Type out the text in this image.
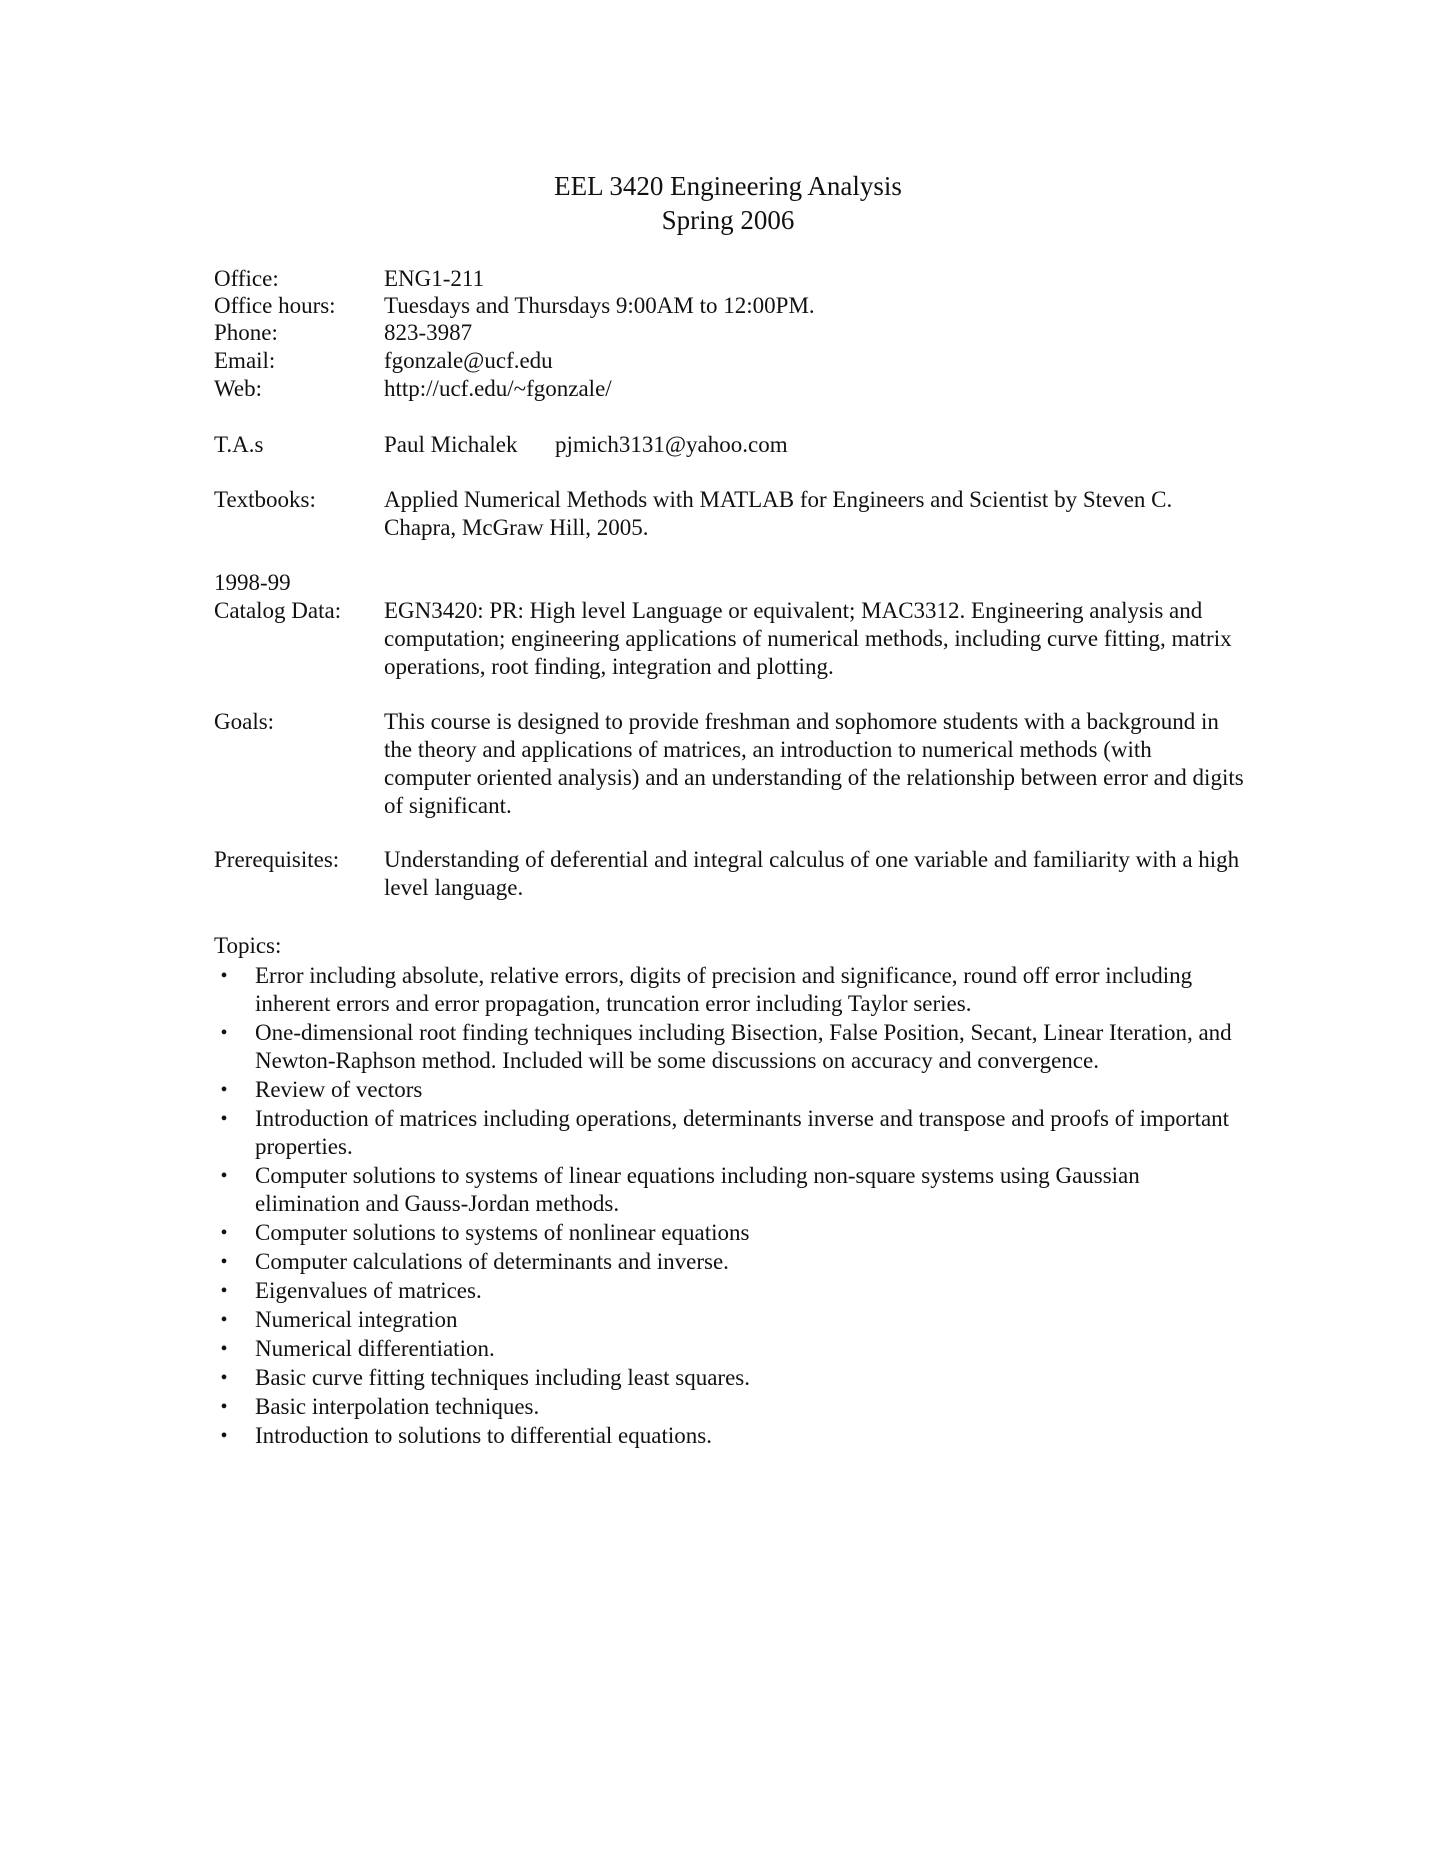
EEL 3420 Engineering Analysis
Spring 2006
Office:	ENG1-211
Office hours:	Tuesdays and Thursdays 9:00AM to 12:00PM.
Phone:	823-3987
Email:	fgonzale@ucf.edu
Web:	http://ucf.edu/~fgonzale/
T.A.s	Paul Michalek	pjmich3131@yahoo.com
Textbooks:	Applied Numerical Methods with MATLAB for Engineers and Scientist by Steven C. Chapra, McGraw Hill, 2005.
1998-99
Catalog Data:	EGN3420: PR: High level Language or equivalent; MAC3312. Engineering analysis and computation; engineering applications of numerical methods, including curve fitting, matrix operations, root finding, integration and plotting.
Goals:	This course is designed to provide freshman and sophomore students with a background in the theory and applications of matrices, an introduction to numerical methods (with computer oriented analysis) and an understanding of the relationship between error and digits of significant.
Prerequisites:	Understanding of deferential and integral calculus of one variable and familiarity with a high level language.
Topics:
• Error including absolute, relative errors, digits of precision and significance, round off error including inherent errors and error propagation, truncation error including Taylor series.
• One-dimensional root finding techniques including Bisection, False Position, Secant, Linear Iteration, and Newton-Raphson method. Included will be some discussions on accuracy and convergence.
• Review of vectors
• Introduction of matrices including operations, determinants inverse and transpose and proofs of important properties.
• Computer solutions to systems of linear equations including non-square systems using Gaussian elimination and Gauss-Jordan methods.
• Computer solutions to systems of nonlinear equations
• Computer calculations of determinants and inverse.
• Eigenvalues of matrices.
• Numerical integration
• Numerical differentiation.
• Basic curve fitting techniques including least squares.
• Basic interpolation techniques.
• Introduction to solutions to differential equations.
